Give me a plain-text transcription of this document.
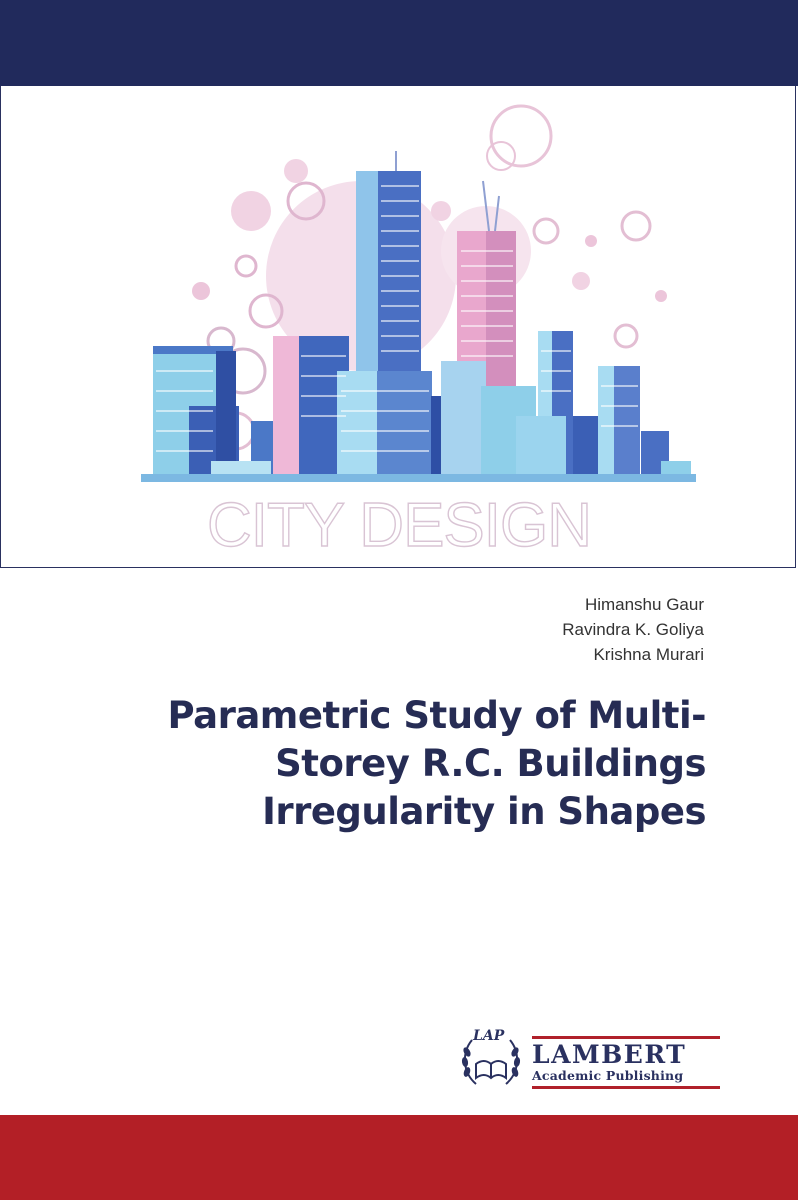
CITY DESIGN
Himanshu Gaur
Ravindra K. Goliya
Krishna Murari
Parametric Study of Multi-
Storey R.C. Buildings
Irregularity in Shapes
LAP
LAMBERT
Academic Publishing
